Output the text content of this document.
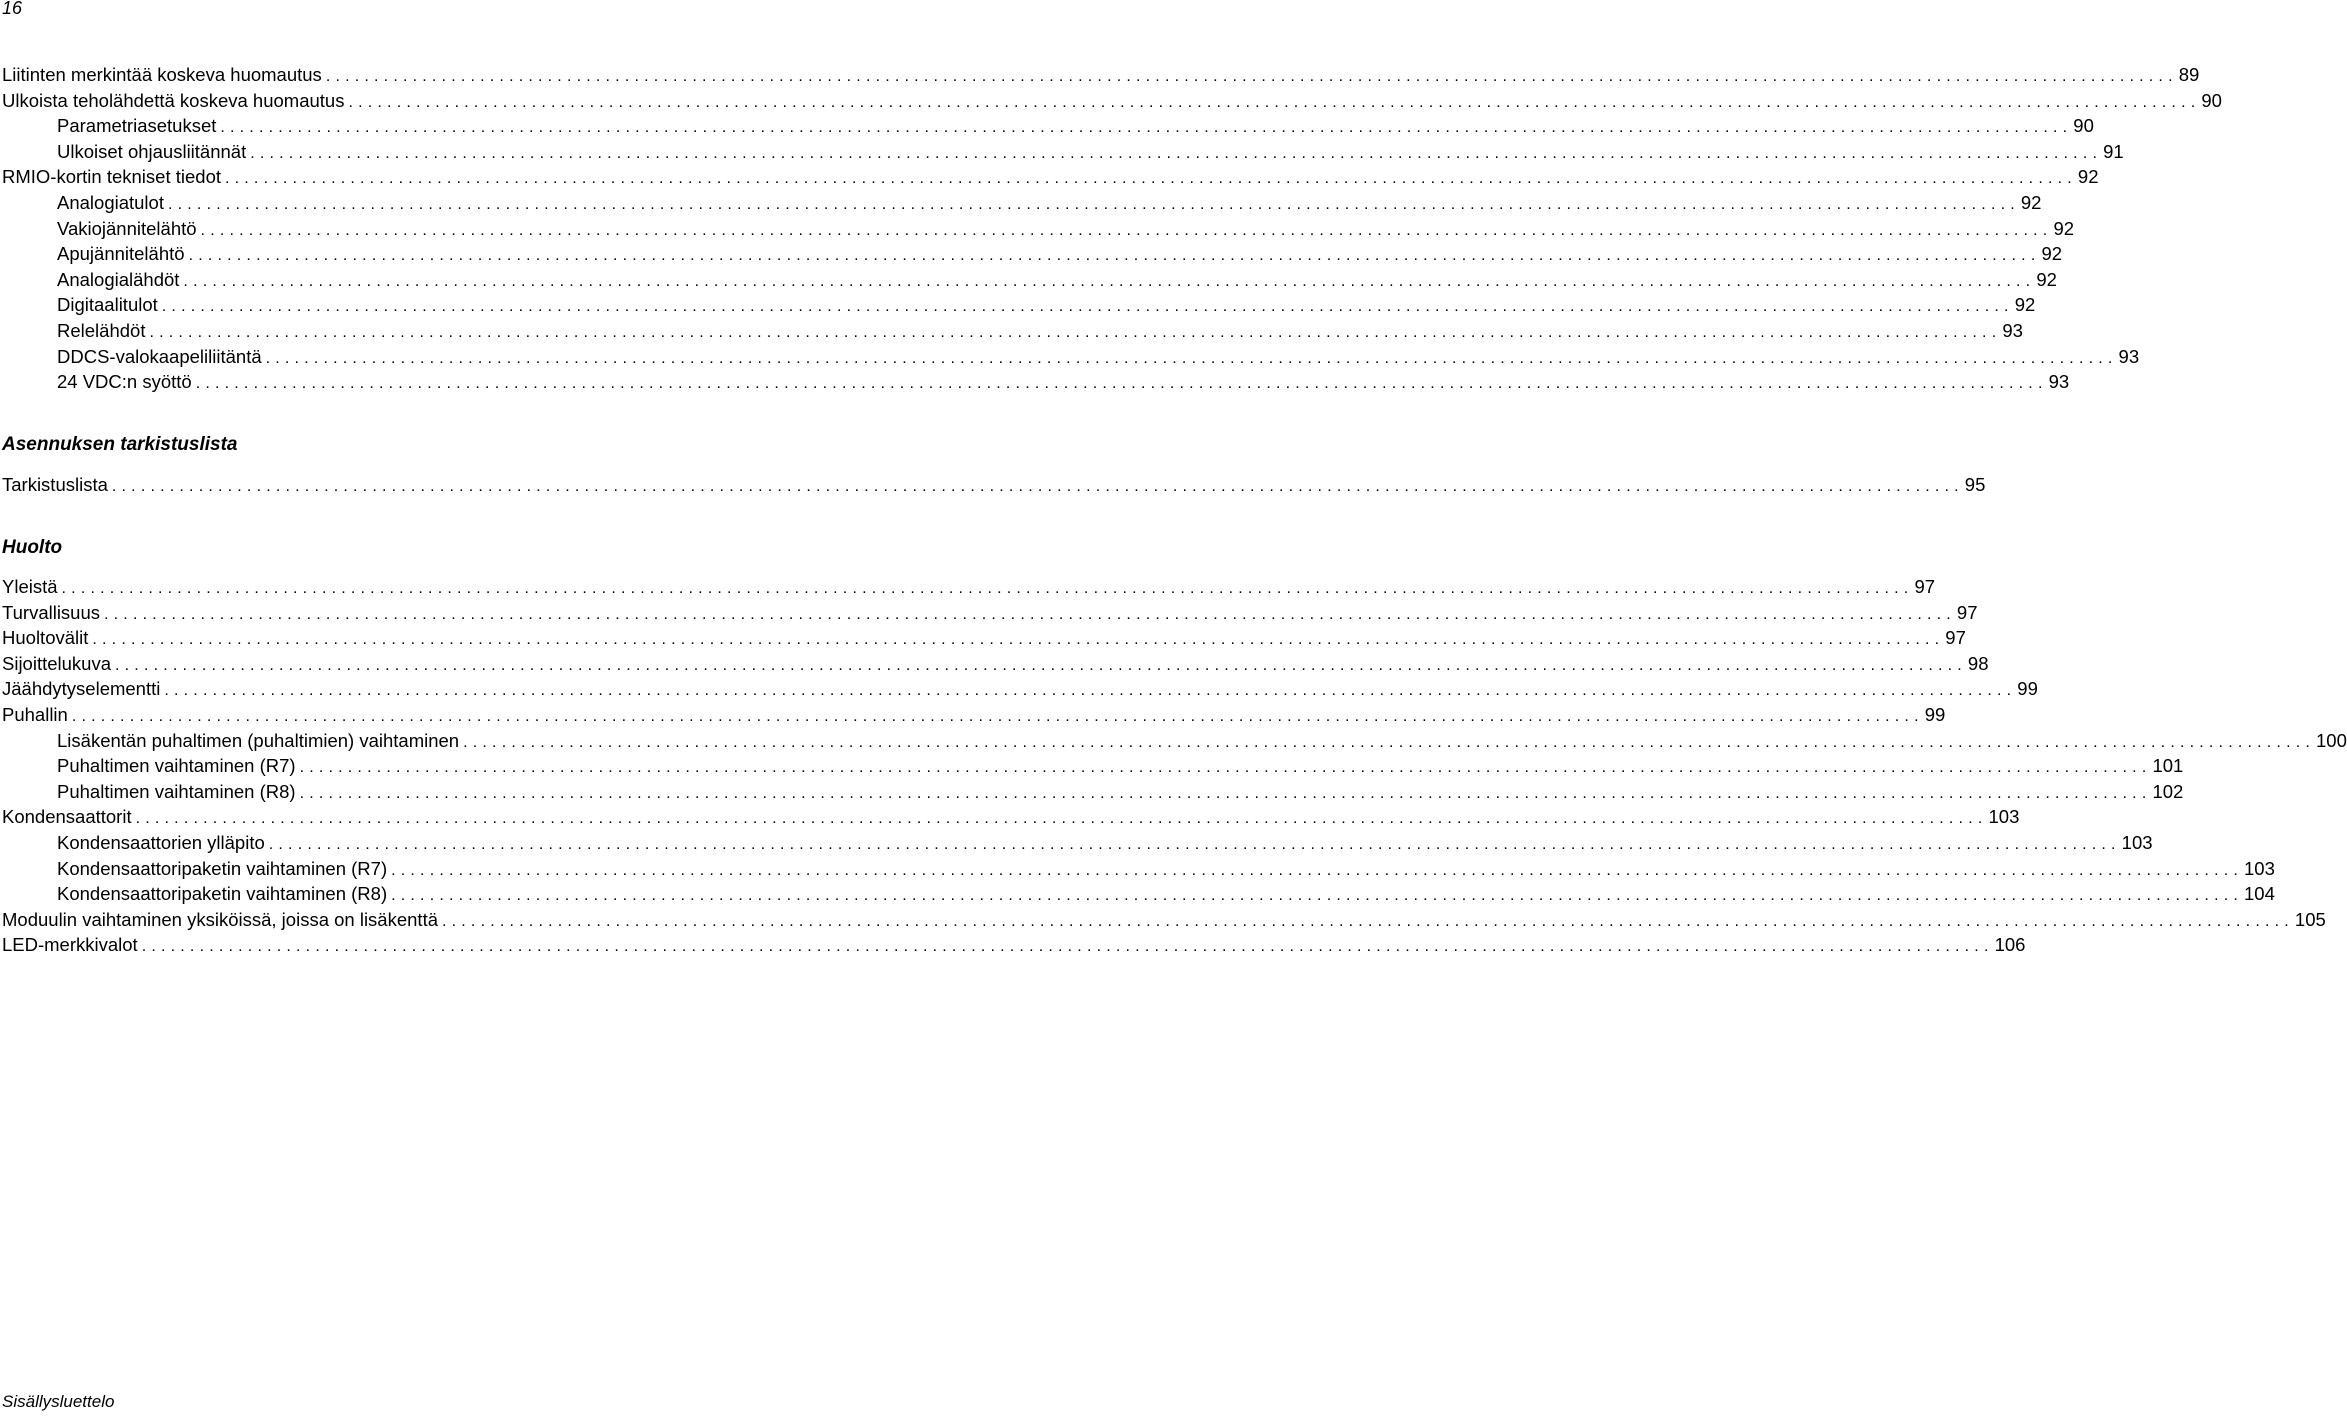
16
Liitinten merkintää koskeva huomautus ................................................................................................................................................................................................ 89
Ulkoista teholähdettä koskeva huomautus ................................................................................................................................................................................................ 90
Parametriasetukset ................................................................................................................................................................................................ 90
Ulkoiset ohjausliitännät ................................................................................................................................................................................................ 91
RMIO-kortin tekniset tiedot ................................................................................................................................................................................................ 92
Analogiatulot ................................................................................................................................................................................................ 92
Vakiojännitelähtö ................................................................................................................................................................................................ 92
Apujännitelähtö ................................................................................................................................................................................................ 92
Analogialähdöt ................................................................................................................................................................................................ 92
Digitaalitulot ................................................................................................................................................................................................ 92
Relelähdöt ................................................................................................................................................................................................ 93
DDCS-valokaapeliliitäntä ................................................................................................................................................................................................ 93
24 VDC:n syöttö ................................................................................................................................................................................................ 93
Asennuksen tarkistuslista
Tarkistuslista ................................................................................................................................................................................................ 95
Huolto
Yleistä ................................................................................................................................................................................................ 97
Turvallisuus ................................................................................................................................................................................................ 97
Huoltovälit ................................................................................................................................................................................................ 97
Sijoittelukuva ................................................................................................................................................................................................ 98
Jäähdytyselementti ................................................................................................................................................................................................ 99
Puhallin ................................................................................................................................................................................................ 99
Lisäkentän puhaltimen (puhaltimien) vaihtaminen ................................................................................................................................................................................................ 100
Puhaltimen vaihtaminen (R7) ................................................................................................................................................................................................ 101
Puhaltimen vaihtaminen (R8) ................................................................................................................................................................................................ 102
Kondensaattorit ................................................................................................................................................................................................ 103
Kondensaattorien ylläpito ................................................................................................................................................................................................ 103
Kondensaattoripaketin vaihtaminen (R7) ................................................................................................................................................................................................ 103
Kondensaattoripaketin vaihtaminen (R8) ................................................................................................................................................................................................ 104
Moduulin vaihtaminen yksiköissä, joissa on lisäkenttä ................................................................................................................................................................................................ 105
LED-merkkivalot ................................................................................................................................................................................................ 106
Sisällysluettelo
